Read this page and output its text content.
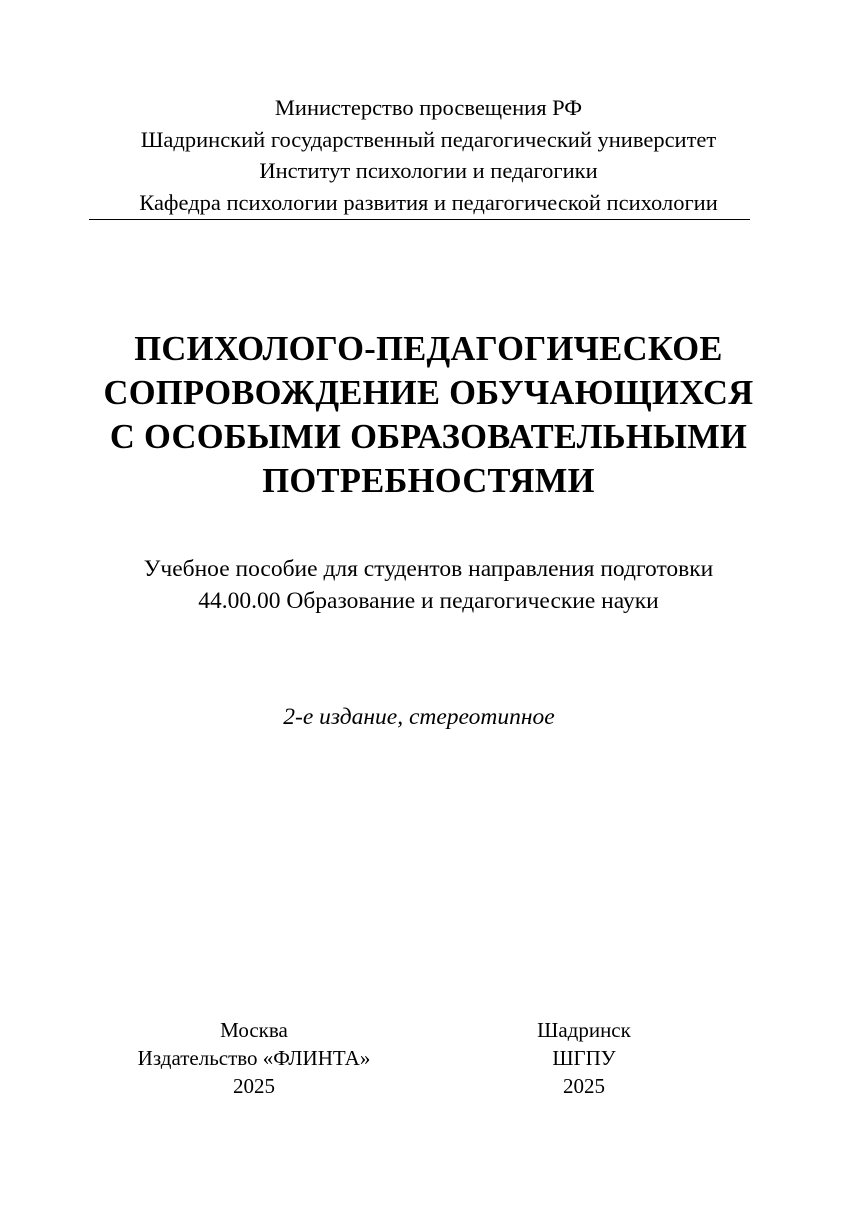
Министерство просвещения РФ
Шадринский государственный педагогический университет
Институт психологии и педагогики
Кафедра психологии развития и педагогической психологии
ПСИХОЛОГО-ПЕДАГОГИЧЕСКОЕ
СОПРОВОЖДЕНИЕ ОБУЧАЮЩИХСЯ
С ОСОБЫМИ ОБРАЗОВАТЕЛЬНЫМИ
ПОТРЕБНОСТЯМИ
Учебное пособие для студентов направления подготовки
44.00.00 Образование и педагогические науки
2-е издание, стереотипное
Москва
Издательство «ФЛИНТА»
2025
Шадринск
ШГПУ
2025
